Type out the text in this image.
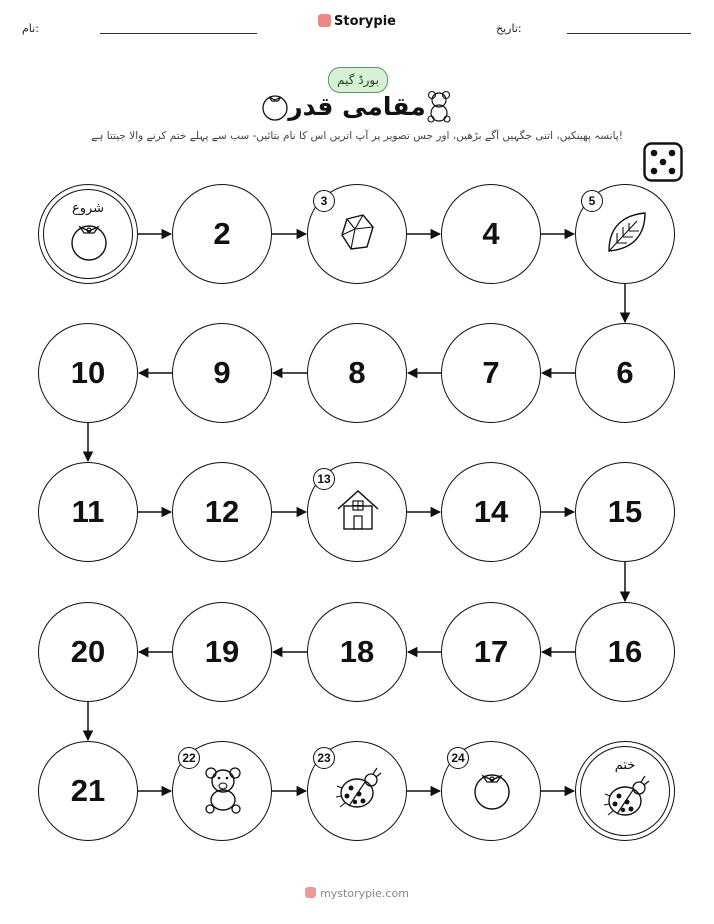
نام:	تاریخ:
Storypie
بورڈ گیم
مقامی قدر
پانسہ پھینکیں، اتنی جگہیں آگے بڑھیں، اور جس تصویر پر آپ اتریں اس کا نام بتائیں- سب سے پہلے ختم کرنے والا جیتتا ہے!
شروع
2
3
4
5
6
7
8
9
10
11	12
13
14	15
16
17
18
19
20
21
22	23	24	ختم
mystorypie.com
